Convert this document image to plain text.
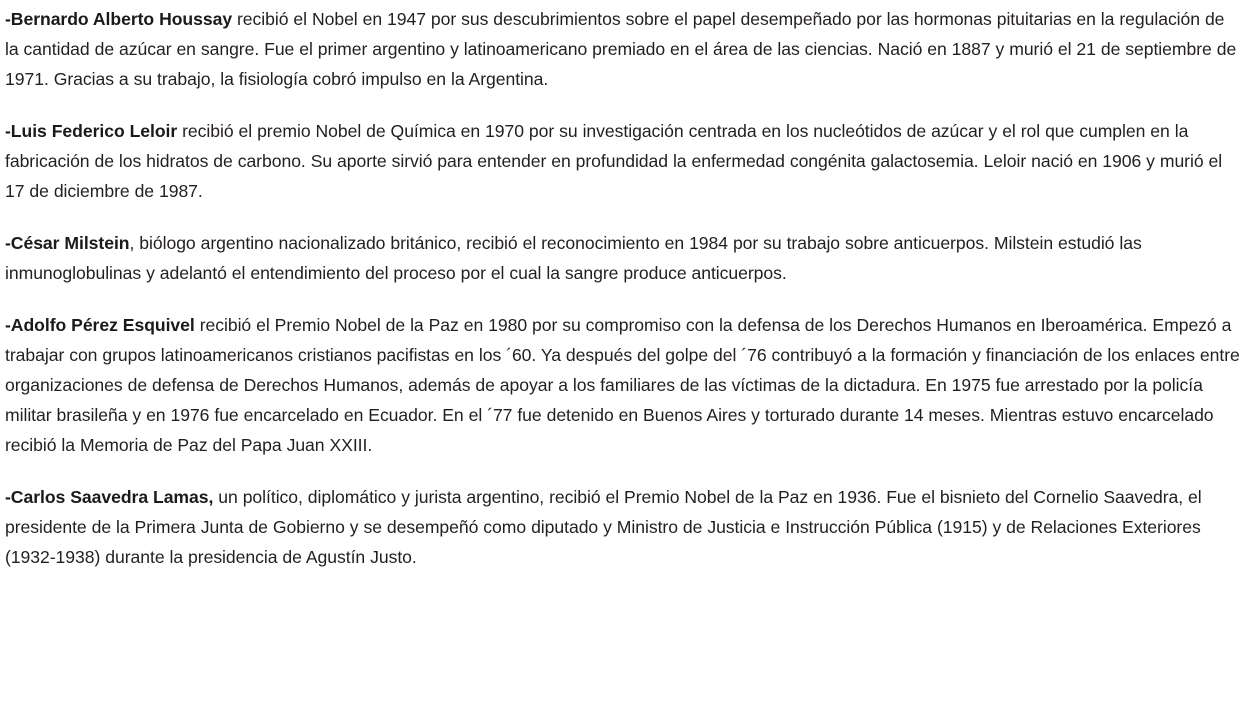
-Bernardo Alberto Houssay recibió el Nobel en 1947 por sus descubrimientos sobre el papel desempeñado por las hormonas pituitarias en la regulación de la cantidad de azúcar en sangre. Fue el primer argentino y latinoamericano premiado en el área de las ciencias. Nació en 1887 y murió el 21 de septiembre de 1971. Gracias a su trabajo, la fisiología cobró impulso en la Argentina.

-Luis Federico Leloir recibió el premio Nobel de Química en 1970 por su investigación centrada en los nucleótidos de azúcar y el rol que cumplen en la fabricación de los hidratos de carbono. Su aporte sirvió para entender en profundidad la enfermedad congénita galactosemia. Leloir nació en 1906 y murió el 17 de diciembre de 1987.

-César Milstein, biólogo argentino nacionalizado británico, recibió el reconocimiento en 1984 por su trabajo sobre anticuerpos. Milstein estudió las inmunoglobulinas y adelantó el entendimiento del proceso por el cual la sangre produce anticuerpos.

-Adolfo Pérez Esquivel recibió el Premio Nobel de la Paz en 1980 por su compromiso con la defensa de los Derechos Humanos en Iberoamérica. Empezó a trabajar con grupos latinoamericanos cristianos pacifistas en los ´60. Ya después del golpe del ´76 contribuyó a la formación y financiación de los enlaces entre organizaciones de defensa de Derechos Humanos, además de apoyar a los familiares de las víctimas de la dictadura. En 1975 fue arrestado por la policía militar brasileña y en 1976 fue encarcelado en Ecuador. En el ´77 fue detenido en Buenos Aires y torturado durante 14 meses. Mientras estuvo encarcelado recibió la Memoria de Paz del Papa Juan XXIII.

-Carlos Saavedra Lamas, un político, diplomático y jurista argentino, recibió el Premio Nobel de la Paz en 1936. Fue el bisnieto del Cornelio Saavedra, el presidente de la Primera Junta de Gobierno y se desempeñó como diputado y Ministro de Justicia e Instrucción Pública (1915) y de Relaciones Exteriores (1932-1938) durante la presidencia de Agustín Justo.
